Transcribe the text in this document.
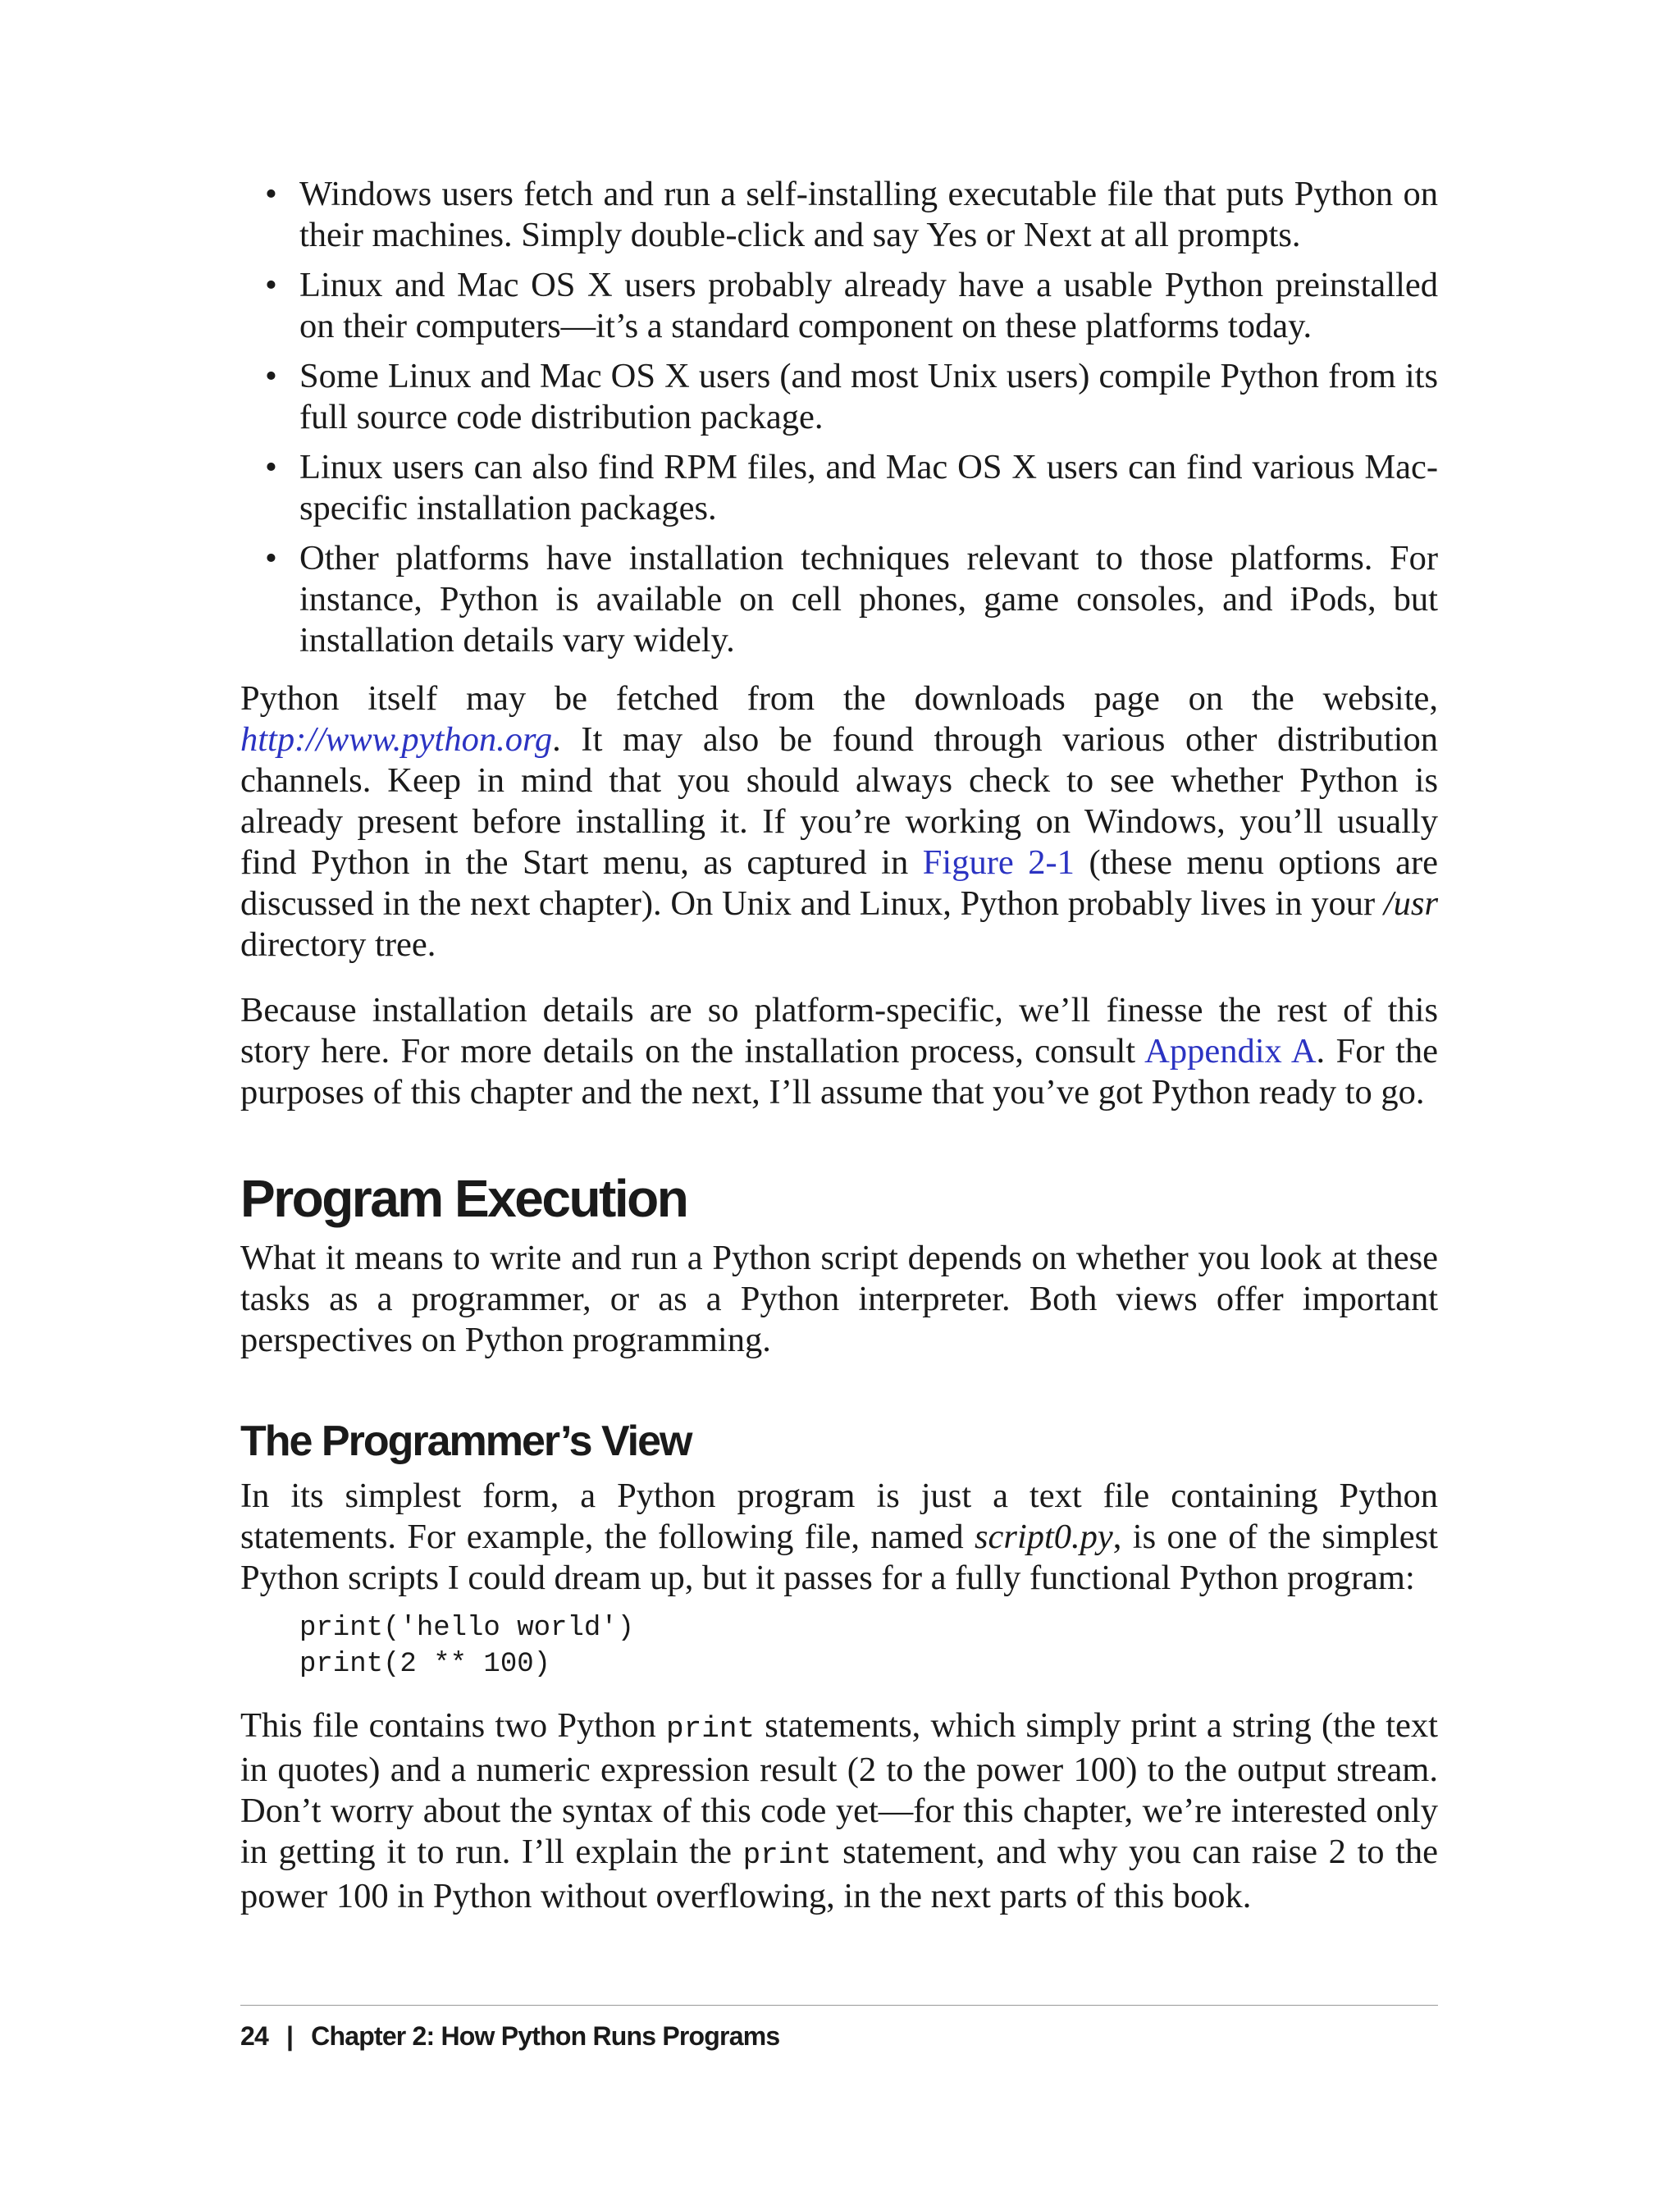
• Windows users fetch and run a self-installing executable file that puts Python on their machines. Simply double-click and say Yes or Next at all prompts.
• Linux and Mac OS X users probably already have a usable Python preinstalled on their computers—it’s a standard component on these platforms today.
• Some Linux and Mac OS X users (and most Unix users) compile Python from its full source code distribution package.
• Linux users can also find RPM files, and Mac OS X users can find various Mac-specific installation packages.
• Other platforms have installation techniques relevant to those platforms. For instance, Python is available on cell phones, game consoles, and iPods, but installation details vary widely.

Python itself may be fetched from the downloads page on the website, http://www.python.org. It may also be found through various other distribution channels. Keep in mind that you should always check to see whether Python is already present before installing it. If you’re working on Windows, you’ll usually find Python in the Start menu, as captured in Figure 2-1 (these menu options are discussed in the next chapter). On Unix and Linux, Python probably lives in your /usr directory tree.

Because installation details are so platform-specific, we’ll finesse the rest of this story here. For more details on the installation process, consult Appendix A. For the purposes of this chapter and the next, I’ll assume that you’ve got Python ready to go.

Program Execution

What it means to write and run a Python script depends on whether you look at these tasks as a programmer, or as a Python interpreter. Both views offer important perspectives on Python programming.

The Programmer’s View

In its simplest form, a Python program is just a text file containing Python statements. For example, the following file, named script0.py, is one of the simplest Python scripts I could dream up, but it passes for a fully functional Python program:

print('hello world')
print(2 ** 100)

This file contains two Python print statements, which simply print a string (the text in quotes) and a numeric expression result (2 to the power 100) to the output stream. Don’t worry about the syntax of this code yet—for this chapter, we’re interested only in getting it to run. I’ll explain the print statement, and why you can raise 2 to the power 100 in Python without overflowing, in the next parts of this book.

24 | Chapter 2: How Python Runs Programs
